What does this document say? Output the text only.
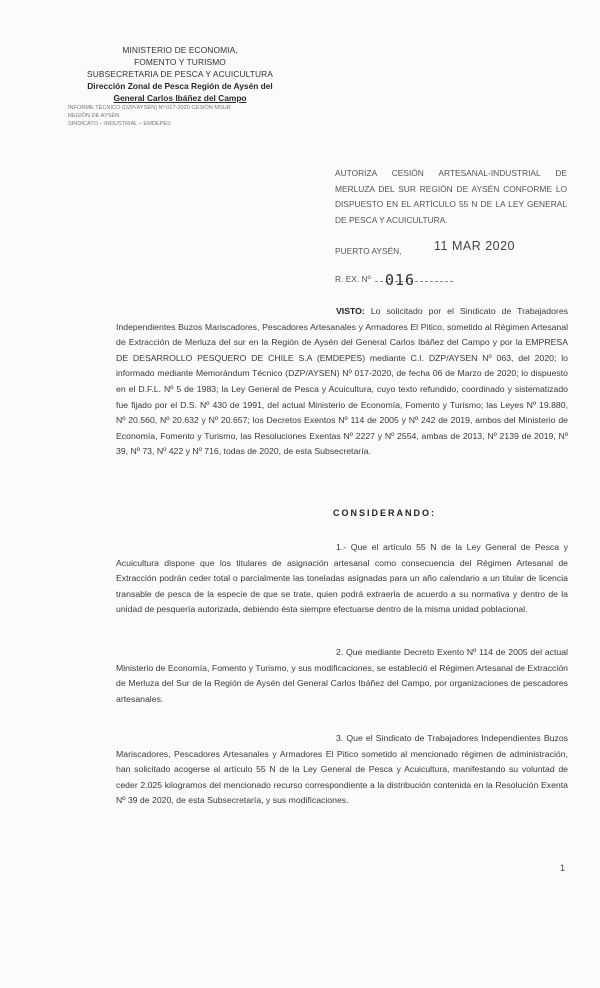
MINISTERIO DE ECONOMIA,
FOMENTO Y TURISMO
SUBSECRETARIA DE PESCA Y ACUICULTURA
Dirección Zonal de Pesca Región de Aysén del
General Carlos Ibáñez del Campo
INFORME TÉCNICO (DZP/AYSÉN) Nº 017-2020 CESIÓN MSUR
REGIÓN DE AYSÉN
SINDICATO – INDUSTRIAL – EMDEPES
AUTORIZA CESIÓN ARTESANAL-INDUSTRIAL DE MERLUZA DEL SUR REGIÓN DE AYSÉN CONFORME LO DISPUESTO EN EL ARTÍCULO 55 N DE LA LEY GENERAL DE PESCA Y ACUICULTURA.
PUERTO AYSÉN,	11 MAR 2020
R. EX. Nº 016
VISTO: Lo solicitado por el Sindicato de Trabajadores Independientes Buzos Mariscadores, Pescadores Artesanales y Armadores El Pitico, sometido al Régimen Artesanal de Extracción de Merluza del sur en la Región de Aysén del General Carlos Ibáñez del Campo y por la EMPRESA DE DESARROLLO PESQUERO DE CHILE S.A (EMDEPES) mediante C.I. DZP/AYSEN Nº 063, del 2020; lo informado mediante Memorándum Técnico (DZP/AYSEN) Nº 017-2020, de fecha 06 de Marzo de 2020; lo dispuesto en el D.F.L. Nº 5 de 1983; la Ley General de Pesca y Acuicultura, cuyo texto refundido, coordinado y sistematizado fue fijado por el D.S. Nº 430 de 1991, del actual Ministerio de Economía, Fomento y Turismo; las Leyes Nº 19.880, Nº 20.560, Nº 20.632 y Nº 20.657; los Decretos Exentos Nº 114 de 2005 y Nº 242 de 2019, ambos del Ministerio de Economía, Fomento y Turismo, las Resoluciones Exentas Nº 2227 y Nº 2554, ambas de 2013, Nº 2139 de 2019, Nº 39, Nº 73, Nº 422 y Nº 716, todas de 2020, de esta Subsecretaría.
CONSIDERANDO:
1.- Que el artículo 55 N de la Ley General de Pesca y Acuicultura dispone que los titulares de asignación artesanal como consecuencia del Régimen Artesanal de Extracción podrán ceder total o parcialmente las toneladas asignadas para un año calendario a un titular de licencia transable de pesca de la especie de que se trate, quien podrá extraerla de acuerdo a su normativa y dentro de la unidad de pesquería autorizada, debiendo ésta siempre efectuarse dentro de la misma unidad poblacional.
2. Que mediante Decreto Exento Nº 114 de 2005 del actual Ministerio de Economía, Fomento y Turismo, y sus modificaciones, se estableció el Régimen Artesanal de Extracción de Merluza del Sur de la Región de Aysén del General Carlos Ibáñez del Campo, por organizaciones de pescadores artesanales.
3. Que el Sindicato de Trabajadores Independientes Buzos Mariscadores, Pescadores Artesanales y Armadores El Pitico sometido al mencionado régimen de administración, han solicitado acogerse al artículo 55 N de la Ley General de Pesca y Acuicultura, manifestando su voluntad de ceder 2.025 kilogramos del mencionado recurso correspondiente a la distribución contenida en la Resolución Exenta Nº 39 de 2020, de esta Subsecretaría, y sus modificaciones.
1
